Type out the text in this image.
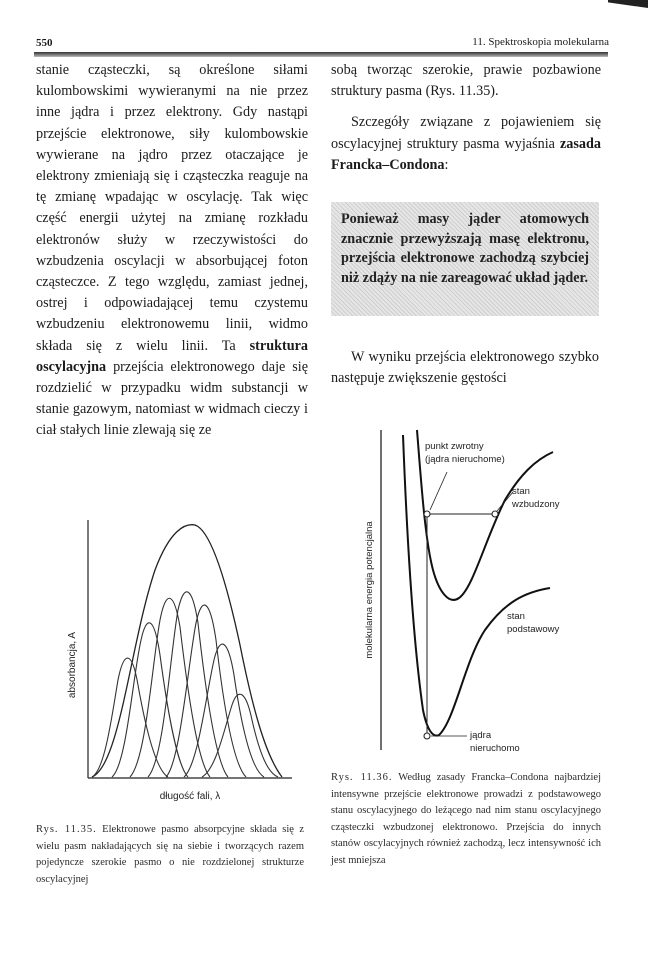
550	11. Spektroskopia molekularna

stanie cząsteczki, są określone siłami kulombowskimi wywieranymi na nie przez inne jądra i przez elektrony. Gdy nastąpi przejście elektronowe, siły kulombowskie wywierane na jądro przez otaczające je elektrony zmieniają się i cząsteczka reaguje na tę zmianę wpadając w oscylację. Tak więc część energii użytej na zmianę rozkładu elektronów służy w rzeczywistości do wzbudzenia oscylacji w absorbującej foton cząsteczce. Z tego względu, zamiast jednej, ostrej i odpowiadającej temu czystemu wzbudzeniu elektronowemu linii, widmo składa się z wielu linii. Ta struktura oscylacyjna przejścia elektronowego daje się rozdzielić w przypadku widm substancji w stanie gazowym, natomiast w widmach cieczy i ciał stałych linie zlewają się ze

sobą tworząc szerokie, prawie pozbawione struktury pasma (Rys. 11.35).

Szczegóły związane z pojawieniem się oscylacyjnej struktury pasma wyjaśnia zasada Francka–Condona:

Ponieważ masy jąder atomowych znacznie przewyższają masę elektronu, przejścia elektronowe zachodzą szybciej niż zdąży na nie zareagować układ jąder.

W wyniku przejścia elektronowego szybko następuje zwiększenie gęstości

absorbancja, A
długość fali, λ

Rys. 11.35. Elektronowe pasmo absorpcyjne składa się z wielu pasm nakładających się na siebie i tworzących razem pojedyncze szerokie pasmo o nie rozdzielonej strukturze oscylacyjnej

molekularna energia potencjalna
punkt zwrotny
(jądra nieruchome)
stan
wzbudzony
stan
podstawowy
jądra
nieruchomo

Rys. 11.36. Według zasady Francka–Condona najbardziej intensywne przejście elektronowe prowadzi z podstawowego stanu oscylacyjnego do leżącego nad nim stanu oscylacyjnego cząsteczki wzbudzonej elektronowo. Przejścia do innych stanów oscylacyjnych również zachodzą, lecz intensywność ich jest mniejsza
